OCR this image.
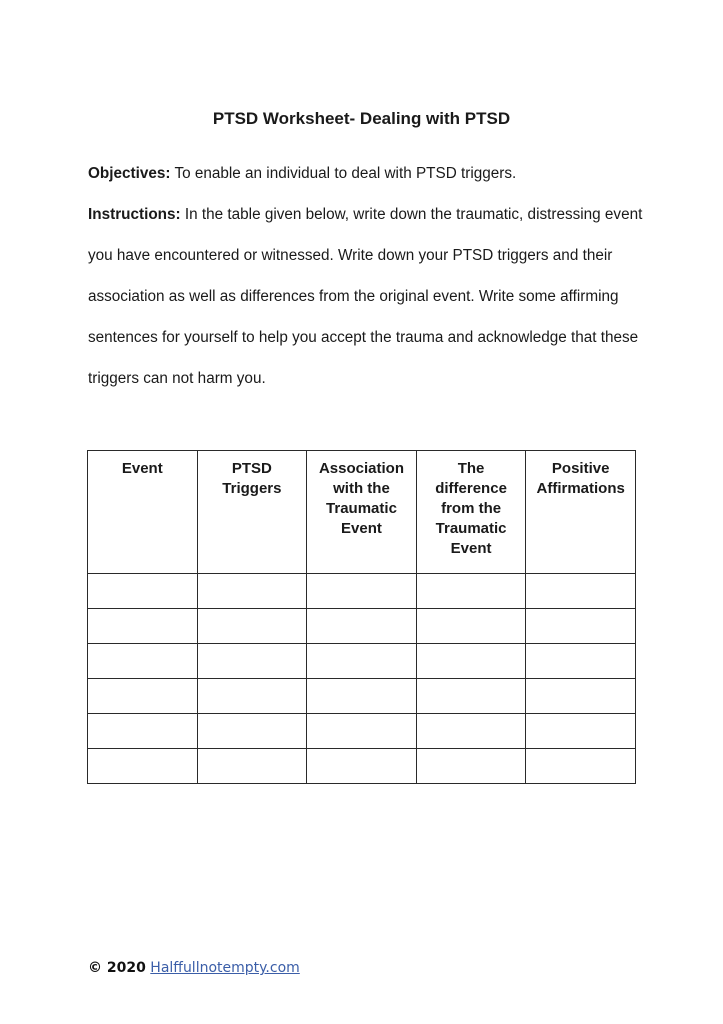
PTSD Worksheet- Dealing with PTSD
Objectives: To enable an individual to deal with PTSD triggers.
Instructions: In the table given below, write down the traumatic, distressing event you have encountered or witnessed. Write down your PTSD triggers and their association as well as differences from the original event. Write some affirming sentences for yourself to help you accept the trauma and acknowledge that these triggers can not harm you.
Event	PTSD Triggers	Association with the Traumatic Event	The difference from the Traumatic Event	Positive Affirmations

© 2020 Halffullnotempty.com
